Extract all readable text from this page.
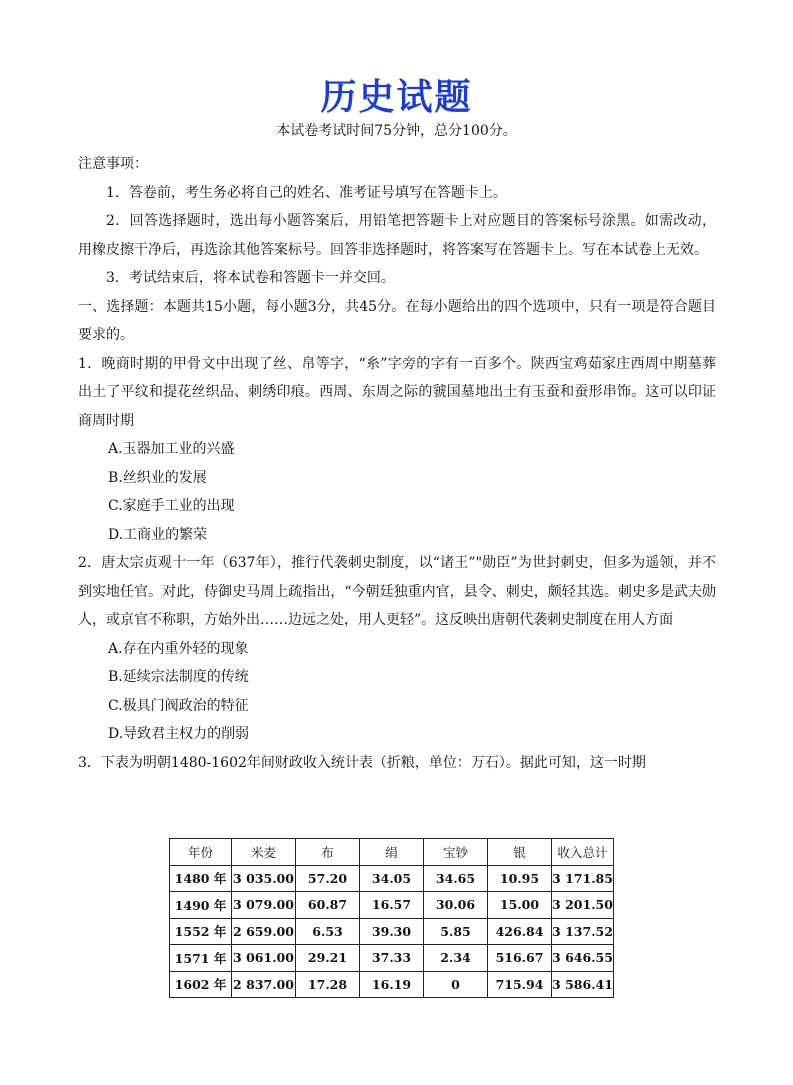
历史试题
本试卷考试时间75分钟，总分100分。

注意事项：

1．答卷前，考生务必将自己的姓名、准考证号填写在答题卡上。

2．回答选择题时，选出每小题答案后，用铅笔把答题卡上对应题目的答案标号涂黑。如需改动，用橡皮擦干净后，再选涂其他答案标号。回答非选择题时，将答案写在答题卡上。写在本试卷上无效。

3．考试结束后，将本试卷和答题卡一并交回。

一、选择题：本题共15小题，每小题3分，共45分。在每小题给出的四个选项中，只有一项是符合题目要求的。

1．晚商时期的甲骨文中出现了丝、帛等字，“糸”字旁的字有一百多个。陕西宝鸡茹家庄西周中期墓葬出土了平纹和提花丝织品、刺绣印痕。西周、东周之际的虢国墓地出土有玉蚕和蚕形串饰。这可以印证商周时期

A.玉器加工业的兴盛

B.丝织业的发展

C.家庭手工业的出现

D.工商业的繁荣

2．唐太宗贞观十一年（637年），推行代袭刺史制度，以“诸王”"勋臣”为世封刺史，但多为遥领，并不到实地任官。对此，侍御史马周上疏指出，“今朝廷独重内官，县令、刺史，颇轻其选。刺史多是武夫勋人，或京官不称职，方始外出……边远之处，用人更轻”。这反映出唐朝代袭刺史制度在用人方面

A.存在内重外轻的现象

B.延续宗法制度的传统

C.极具门阀政治的特征

D.导致君主权力的削弱

3．下表为明朝1480-1602年间财政收入统计表（折粮，单位：万石）。据此可知，这一时期

年份	米麦	布	绢	宝钞	银	收入总计
1480 年	3 035.00	57.20	34.05	34.65	10.95	3 171.85
1490 年	3 079.00	60.87	16.57	30.06	15.00	3 201.50
1552 年	2 659.00	6.53	39.30	5.85	426.84	3 137.52
1571 年	3 061.00	29.21	37.33	2.34	516.67	3 646.55
1602 年	2 837.00	17.28	16.19	0	715.94	3 586.41
